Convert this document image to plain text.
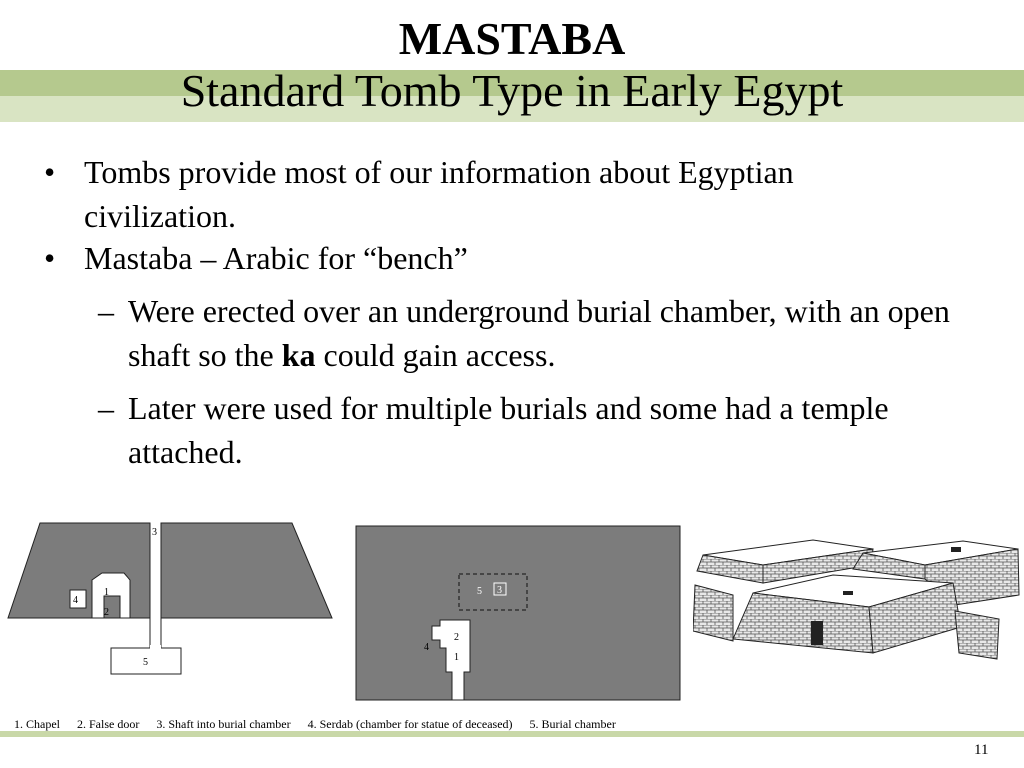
MASTABA
Standard Tomb Type in Early Egypt
• Tombs provide most of our information about Egyptian civilization.
• Mastaba – Arabic for “bench”
– Were erected over an underground burial chamber, with an open shaft so the ka could gain access.
– Later were used for multiple burials and some had a temple attached.
3
1
2
4
5
5 3
2
4
1
1. Chapel 2. False door 3. Shaft into burial chamber 4. Serdab (chamber for statue of deceased) 5. Burial chamber
11
